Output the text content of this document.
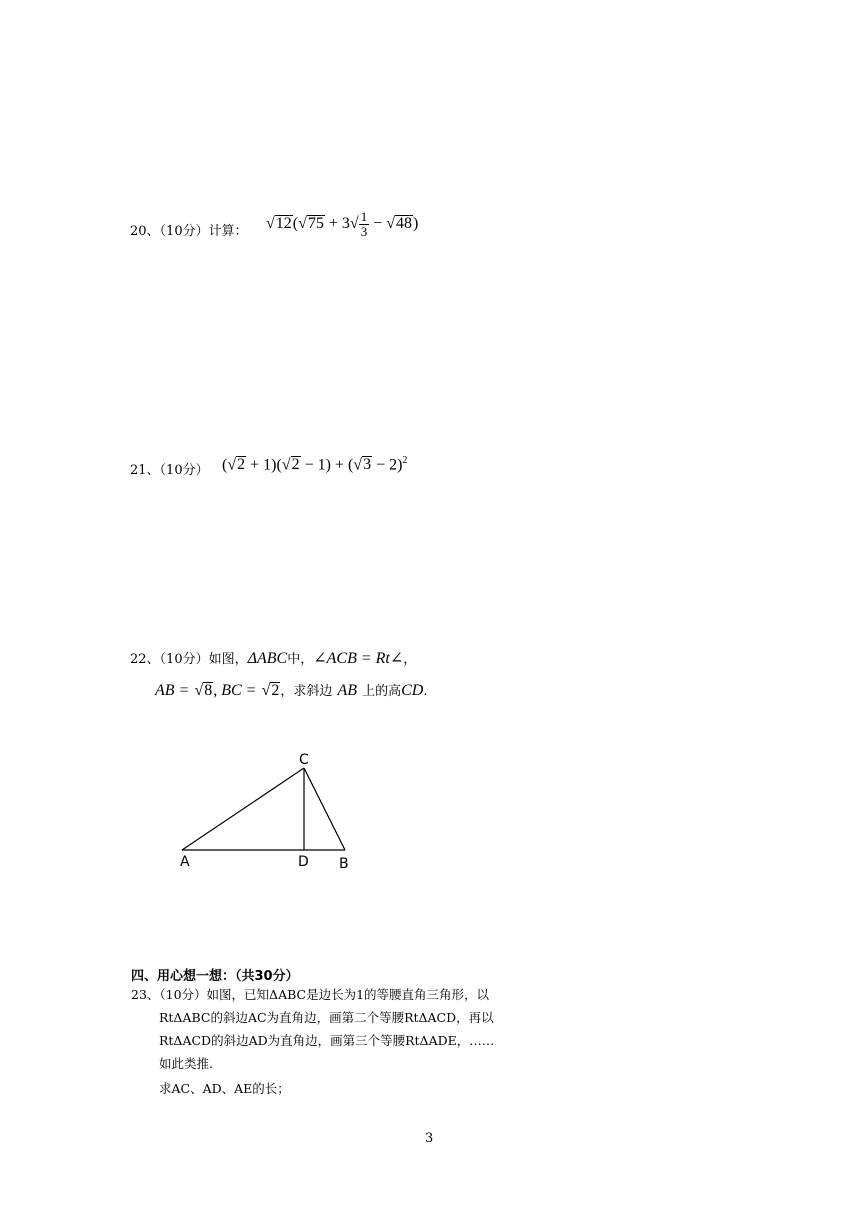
20、（10分）计算： $√12(√75 + 3√ \frac{1}{3} - √48)$
21、（10分） $(√2 + 1)(√2 - 1) + (√3 - 2)^2$
22、（10分）如图，ΔABC中，∠ACB = Rt∠，
AB = √8, BC = √2，求斜边 AB 上的高CD.
C
A	D B
四、用心想一想：（共30分）
23、（10分）如图，已知ΔABC是边长为1的等腰直角三角形，以
RtΔABC的斜边AC为直角边，画第二个等腰RtΔACD，再以
RtΔACD的斜边AD为直角边，画第三个等腰RtΔADE，……
如此类推.
求AC、AD、AE的长；
3
